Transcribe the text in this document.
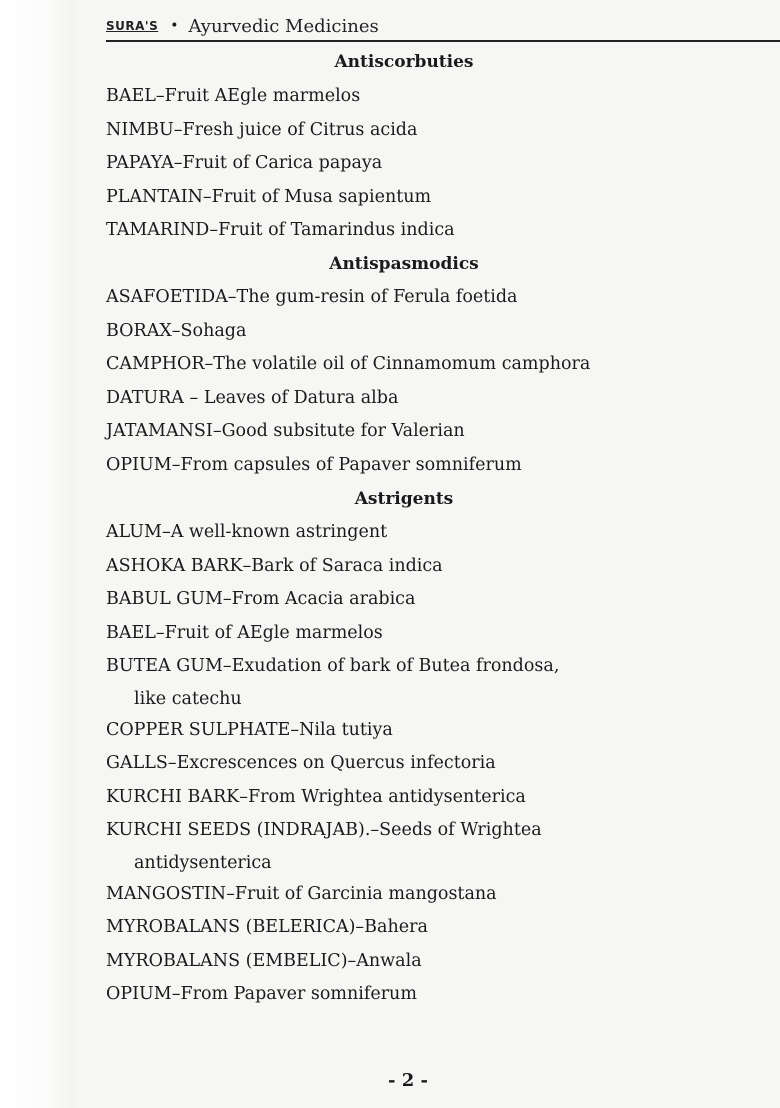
SURA'S • Ayurvedic Medicines
Antiscorbuties
BAEL–Fruit AEgle marmelos
NIMBU–Fresh juice of Citrus acida
PAPAYA–Fruit of Carica papaya
PLANTAIN–Fruit of Musa sapientum
TAMARIND–Fruit of Tamarindus indica
Antispasmodics
ASAFOETIDA–The gum-resin of Ferula foetida
BORAX–Sohaga
CAMPHOR–The volatile oil of Cinnamomum camphora
DATURA – Leaves of Datura alba
JATAMANSI–Good subsitute for Valerian
OPIUM–From capsules of Papaver somniferum
Astrigents
ALUM–A well-known astringent
ASHOKA BARK–Bark of Saraca indica
BABUL GUM–From Acacia arabica
BAEL–Fruit of AEgle marmelos
BUTEA GUM–Exudation of bark of Butea frondosa,
like catechu
COPPER SULPHATE–Nila tutiya
GALLS–Excrescences on Quercus infectoria
KURCHI BARK–From Wrightea antidysenterica
KURCHI SEEDS (INDRAJAB).–Seeds of Wrightea
antidysenterica
MANGOSTIN–Fruit of Garcinia mangostana
MYROBALANS (BELERICA)–Bahera
MYROBALANS (EMBELIC)–Anwala
OPIUM–From Papaver somniferum
- 2 -
